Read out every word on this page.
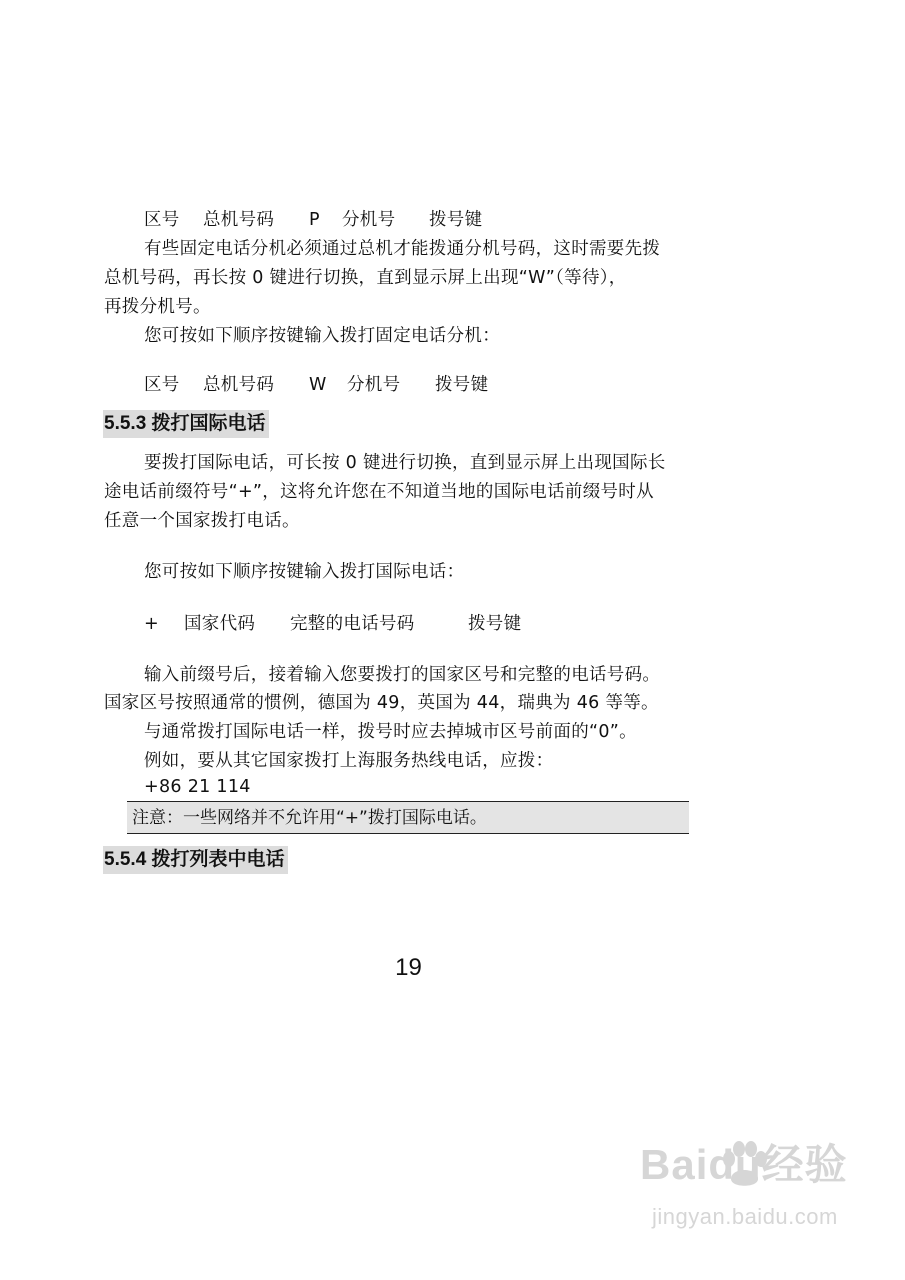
区号 总机号码 P 分机号 拨号键
有些固定电话分机必须通过总机才能拨通分机号码，这时需要先拨
总机号码，再长按 0 键进行切换，直到显示屏上出现“W”（等待），
再拨分机号。
您可按如下顺序按键输入拨打固定电话分机：
区号 总机号码 W 分机号 拨号键
5.5.3 拨打国际电话
要拨打国际电话，可长按 0 键进行切换，直到显示屏上出现国际长
途电话前缀符号“+”，这将允许您在不知道当地的国际电话前缀号时从
任意一个国家拨打电话。
您可按如下顺序按键输入拨打国际电话：
+ 国家代码 完整的电话号码	拨号键
输入前缀号后，接着输入您要拨打的国家区号和完整的电话号码。
国家区号按照通常的惯例，德国为 49，英国为 44，瑞典为 46 等等。
与通常拨打国际电话一样，拨号时应去掉城市区号前面的“0”。
例如，要从其它国家拨打上海服务热线电话，应拨：
+86 21 114
注意：一些网络并不允许用“+”拨打国际电话。
5.5.4 拨打列表中电话
19
Baidu经验
jingyan.baidu.com
